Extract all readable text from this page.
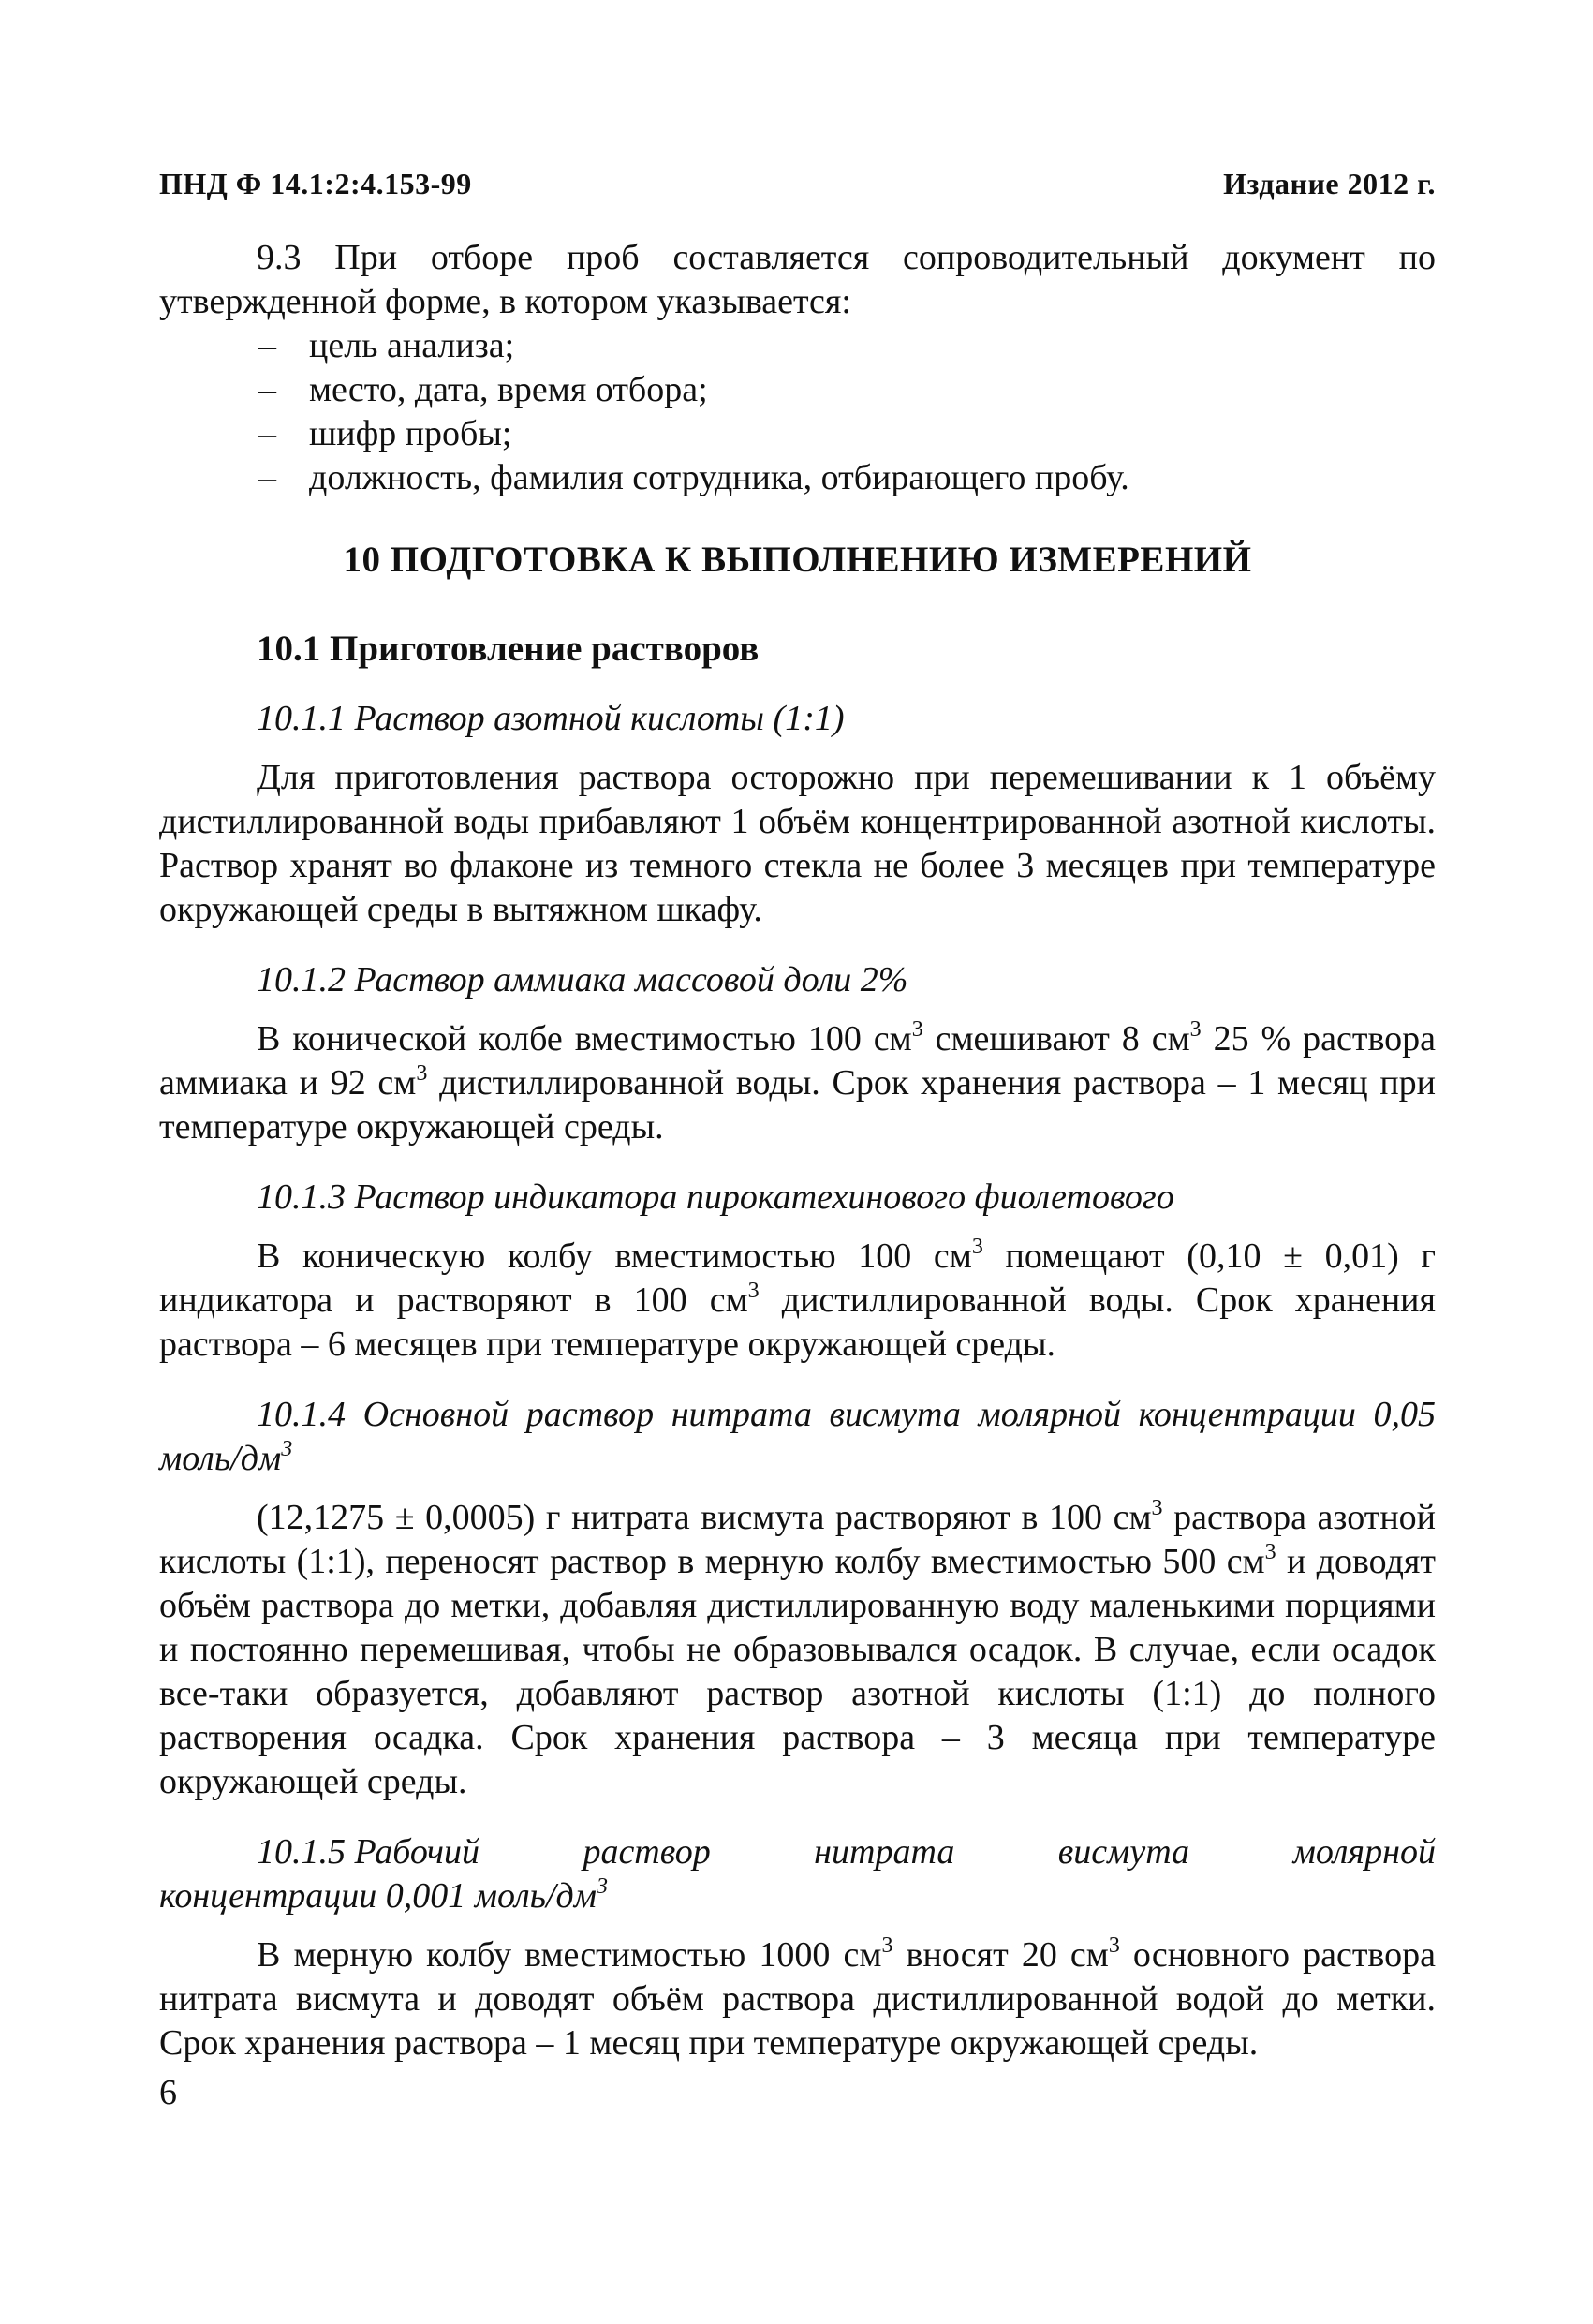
ПНД Ф 14.1:2:4.153-99	Издание 2012 г.

9.3 При отборе проб составляется сопроводительный документ по утвержденной форме, в котором указывается:

– цель анализа;
– место, дата, время отбора;
– шифр пробы;
– должность, фамилия сотрудника, отбирающего пробу.
10 ПОДГОТОВКА К ВЫПОЛНЕНИЮ ИЗМЕРЕНИЙ
10.1 Приготовление растворов

10.1.1 Раствор азотной кислоты (1:1)

Для приготовления раствора осторожно при перемешивании к 1 объёму дистиллированной воды прибавляют 1 объём концентрированной азотной кислоты. Раствор хранят во флаконе из темного стекла не более 3 месяцев при температуре окружающей среды в вытяжном шкафу.

10.1.2 Раствор аммиака массовой доли 2%

В конической колбе вместимостью 100 $см^3$ смешивают 8 $см^3$ 25 % раствора аммиака и 92 $см^3$ дистиллированной воды. Срок хранения раствора – 1 месяц при температуре окружающей среды.

10.1.3 Раствор индикатора пирокатехинового фиолетового

В коническую колбу вместимостью 100 $см^3$ помещают (0,10 ± 0,01) г индикатора и растворяют в 100 $см^3$ дистиллированной воды. Срок хранения раствора – 6 месяцев при температуре окружающей среды.

10.1.4 Основной раствор нитрата висмута молярной концентрации 0,05 моль/$дм^3$

(12,1275 ± 0,0005) г нитрата висмута растворяют в 100 $см^3$ раствора азотной кислоты (1:1), переносят раствор в мерную колбу вместимостью 500 $см^3$ и доводят объём раствора до метки, добавляя дистиллированную воду маленькими порциями и постоянно перемешивая, чтобы не образовывался осадок. В случае, если осадок все-таки образуется, добавляют раствор азотной кислоты (1:1) до полного растворения осадка. Срок хранения раствора – 3 месяца при температуре окружающей среды.

10.1.5 Рабочий	раствор	нитрата	висмута	молярной
концентрации 0,001 моль/$дм^3$

В мерную колбу вместимостью 1000 $см^3$ вносят 20 $см^3$ основного раствора нитрата висмута и доводят объём раствора дистиллированной водой до метки. Срок хранения раствора – 1 месяц при температуре окружающей среды.

6
